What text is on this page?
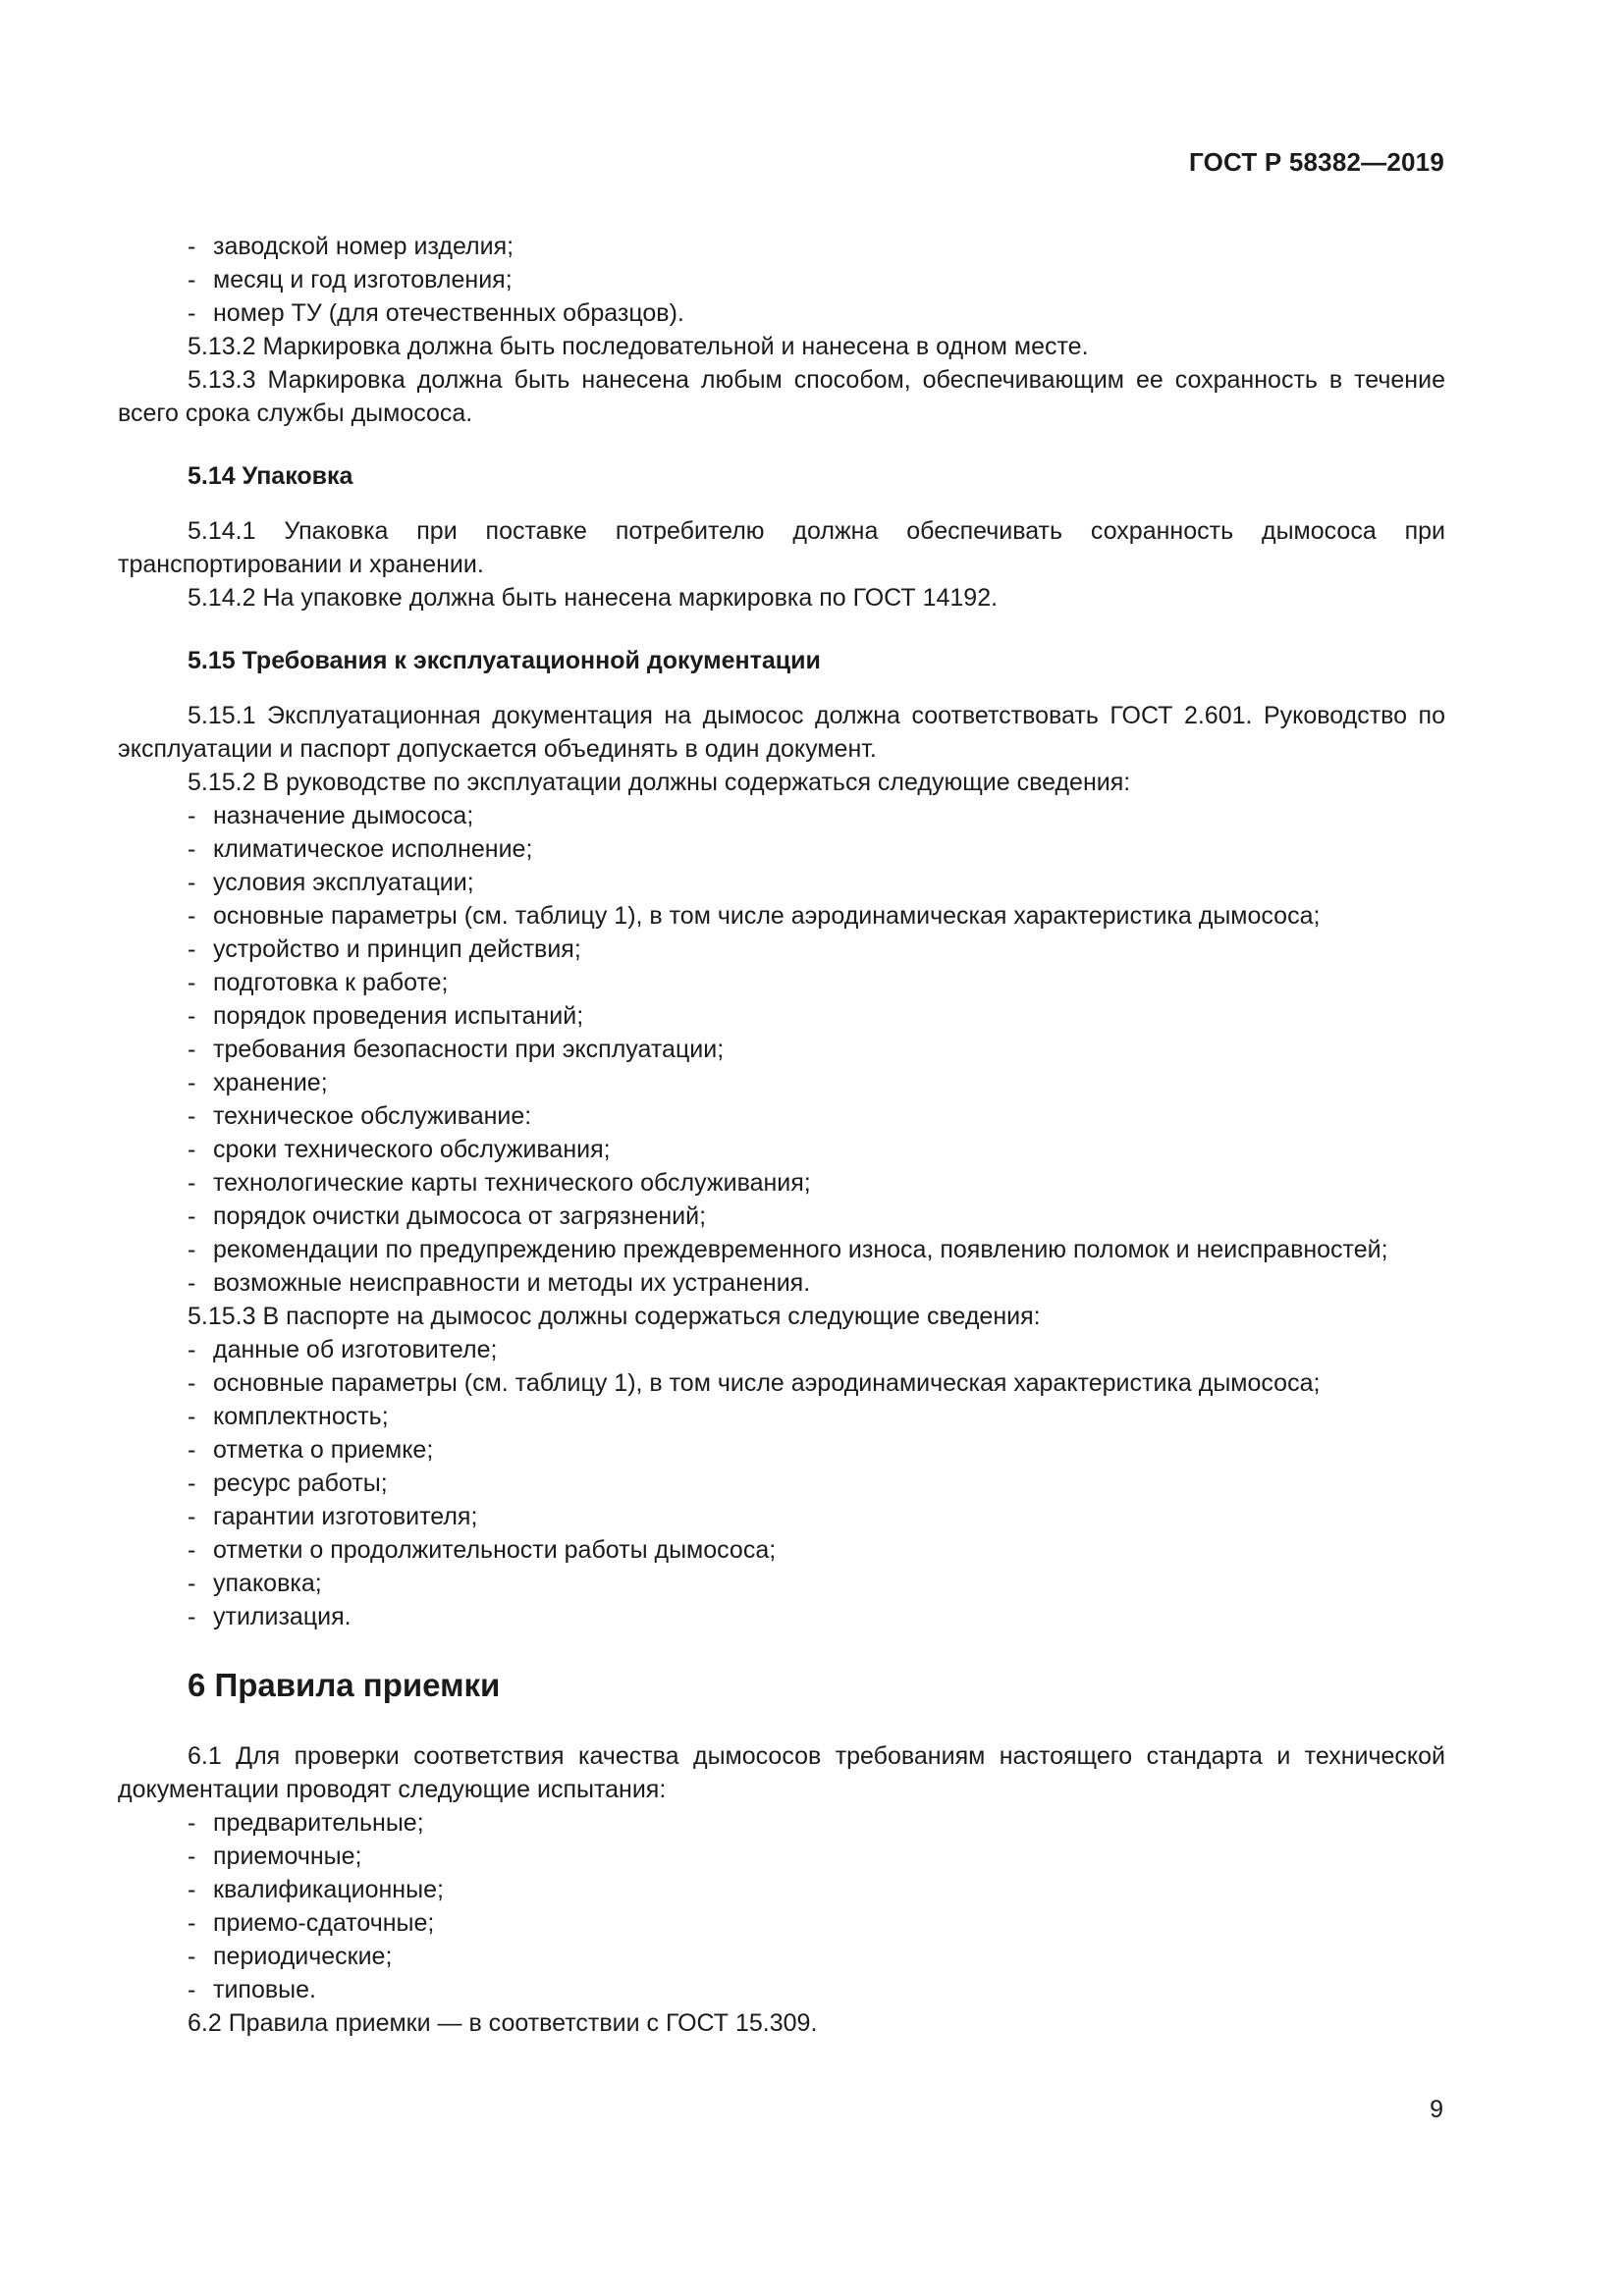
ГОСТ Р 58382—2019

- заводской номер изделия;

- месяц и год изготовления;

- номер ТУ (для отечественных образцов).

5.13.2 Маркировка должна быть последовательной и нанесена в одном месте.

5.13.3 Маркировка должна быть нанесена любым способом, обеспечивающим ее сохранность в течение всего срока службы дымососа.

5.14 Упаковка

5.14.1 Упаковка при поставке потребителю должна обеспечивать сохранность дымососа при транспортировании и хранении.

5.14.2 На упаковке должна быть нанесена маркировка по ГОСТ 14192.

5.15 Требования к эксплуатационной документации

5.15.1 Эксплуатационная документация на дымосос должна соответствовать ГОСТ 2.601. Руководство по эксплуатации и паспорт допускается объединять в один документ.

5.15.2 В руководстве по эксплуатации должны содержаться следующие сведения:

- назначение дымососа;

- климатическое исполнение;

- условия эксплуатации;

- основные параметры (см. таблицу 1), в том числе аэродинамическая характеристика дымососа;

- устройство и принцип действия;

- подготовка к работе;

- порядок проведения испытаний;

- требования безопасности при эксплуатации;

- хранение;

- техническое обслуживание:

- сроки технического обслуживания;

- технологические карты технического обслуживания;

- порядок очистки дымососа от загрязнений;

- рекомендации по предупреждению преждевременного износа, появлению поломок и неисправностей;

- возможные неисправности и методы их устранения.

5.15.3 В паспорте на дымосос должны содержаться следующие сведения:

- данные об изготовителе;

- основные параметры (см. таблицу 1), в том числе аэродинамическая характеристика дымососа;

- комплектность;

- отметка о приемке;

- ресурс работы;

- гарантии изготовителя;

- отметки о продолжительности работы дымососа;

- упаковка;

- утилизация.

6 Правила приемки

6.1 Для проверки соответствия качества дымососов требованиям настоящего стандарта и технической документации проводят следующие испытания:

- предварительные;

- приемочные;

- квалификационные;

- приемо-сдаточные;

- периодические;

- типовые.

6.2 Правила приемки — в соответствии с ГОСТ 15.309.

9
